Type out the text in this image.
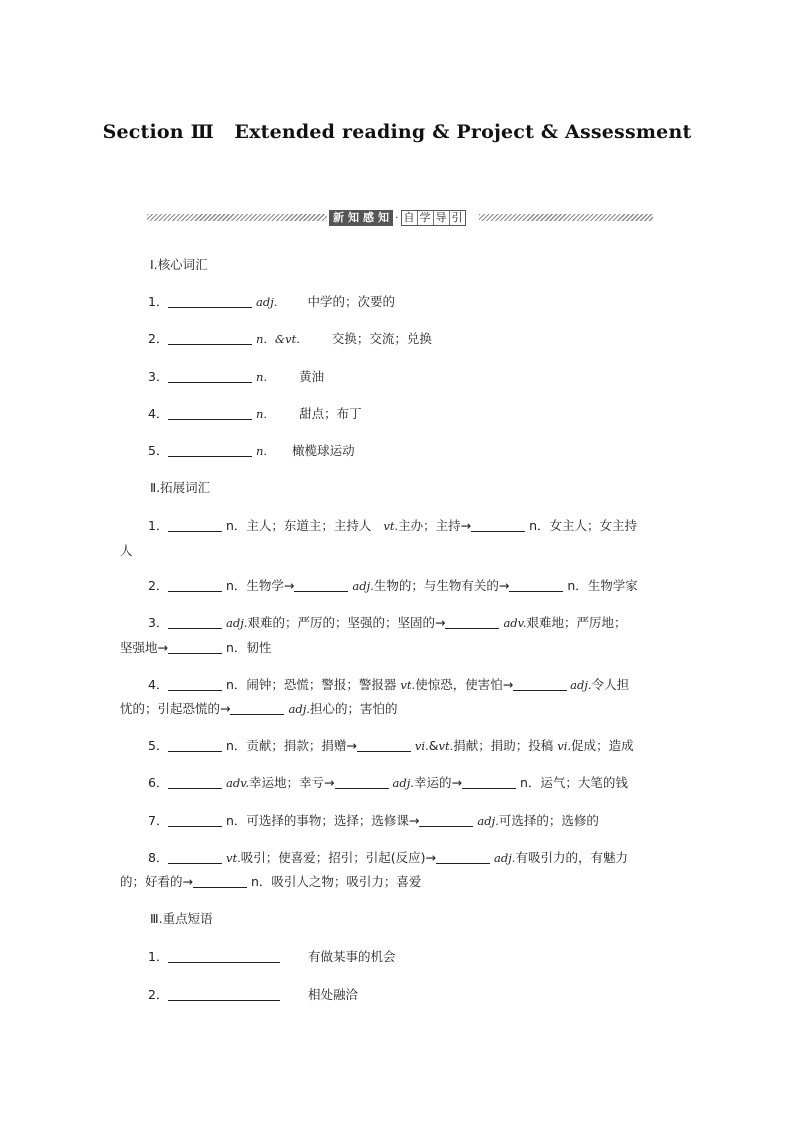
Section Ⅲ   Extended reading & Project & Assessment
新 知 感 知 · 自 学 导 引
Ⅰ.核心词汇
1．	adj. 中学的；次要的
2．	n．&vt.	交换；交流；兑换
3．	n.	黄油
4．	n.	甜点；布丁
5．	n. 橄榄球运动
Ⅱ.拓展词汇
1．	n．主人；东道主；主持人   vt.主办；主持→	n．女主人；女主持
人
2．	n．生物学→	adj.生物的；与生物有关的→	n．生物学家
3．	adj.艰难的；严厉的；坚强的；坚固的→	adv.艰难地；严厉地；
坚强地→	n．韧性
4．	n．闹钟；恐慌；警报；警报器 vt.使惊恐，使害怕→	adj.令人担
忧的；引起恐慌的→	adj.担心的；害怕的
5．	n．贡献；捐款；捐赠→	vi.&vt.捐献；捐助；投稿 vi.促成；造成
6．	adv.幸运地；幸亏→	adj.幸运的→	n．运气；大笔的钱
7．	n．可选择的事物；选择；选修课→	adj.可选择的；选修的
8．	vt.吸引；使喜爱；招引；引起(反应)→	adj.有吸引力的，有魅力
的；好看的→	n．吸引人之物；吸引力；喜爱
Ⅲ.重点短语
1．	有做某事的机会
2．	相处融洽
